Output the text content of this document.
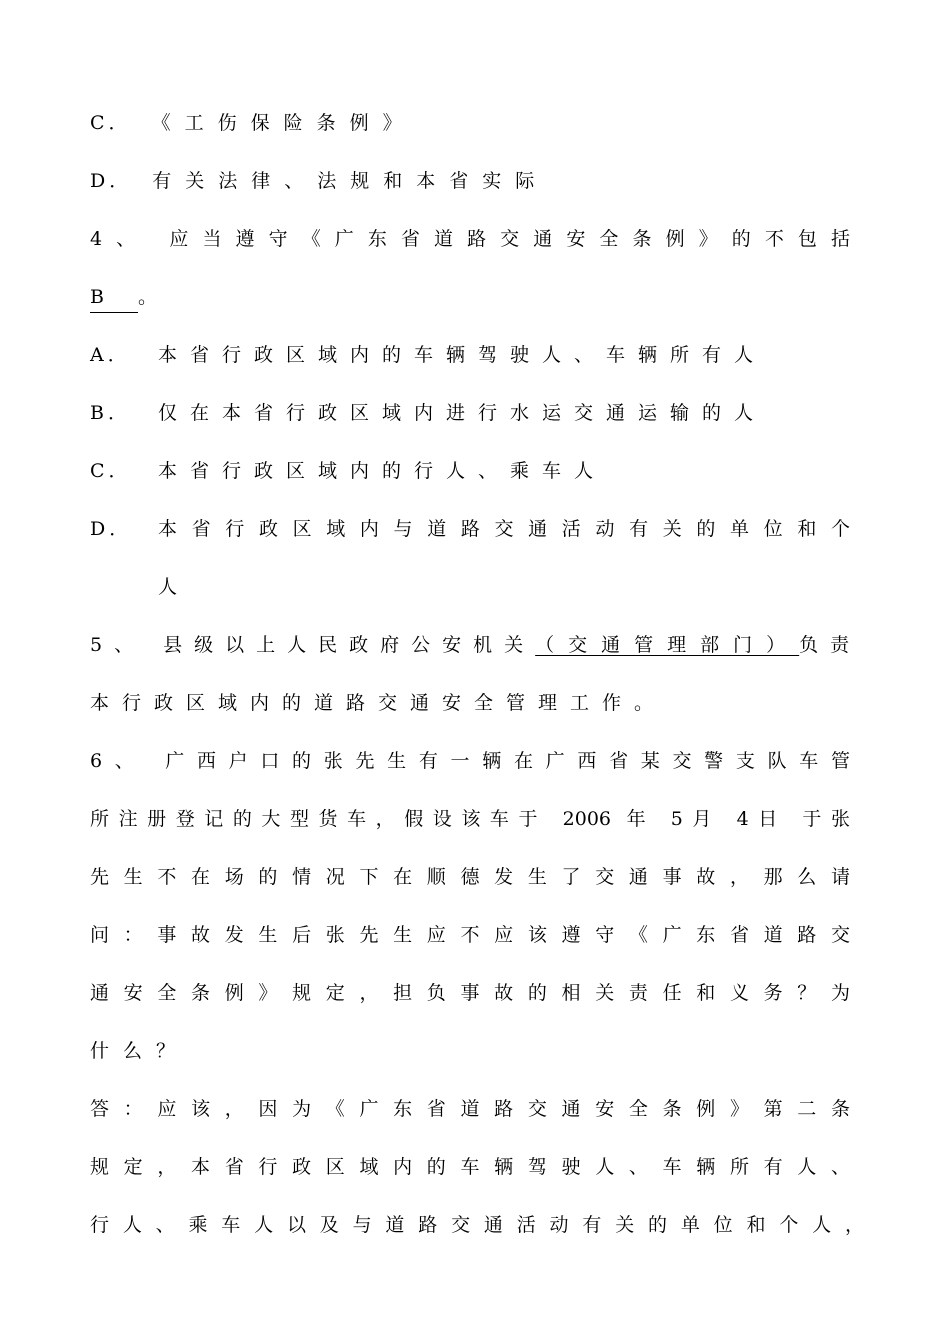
C． 《工伤保险条例》
D． 有关法律、法规和本省实际
4、 应当遵守《广东省道路交通安全条例》的不包括
B 。
A．	本省行政区域内的车辆驾驶人、车辆所有人
B．	仅在本省行政区域内进行水运交通运输的人
C．	本省行政区域内的行人、乘车人
D．	本省行政区域内与道路交通活动有关的单位和个
人
5、 县级以上人民政府公安机关 （交通管理部门） 负责
本行政区域内的道路交通安全管理工作。
6、 广西户口的张先生有一辆在广西省某交警支队车管
所注册登记的大型货车，假设该车于 2006 年 5月 4日 于张
先生不在场的情况下在顺德发生了交通事故，那么请
问：事故发生后张先生应不应该遵守《广东省道路交
通安全条例》规定，担负事故的相关责任和义务？为
什么？
答：应该，因为《广东省道路交通安全条例》第二条
规定，本省行政区域内的车辆驾驶人、车辆所有人、
行人、乘车人以及与道路交通活动有关的单位和个人，
